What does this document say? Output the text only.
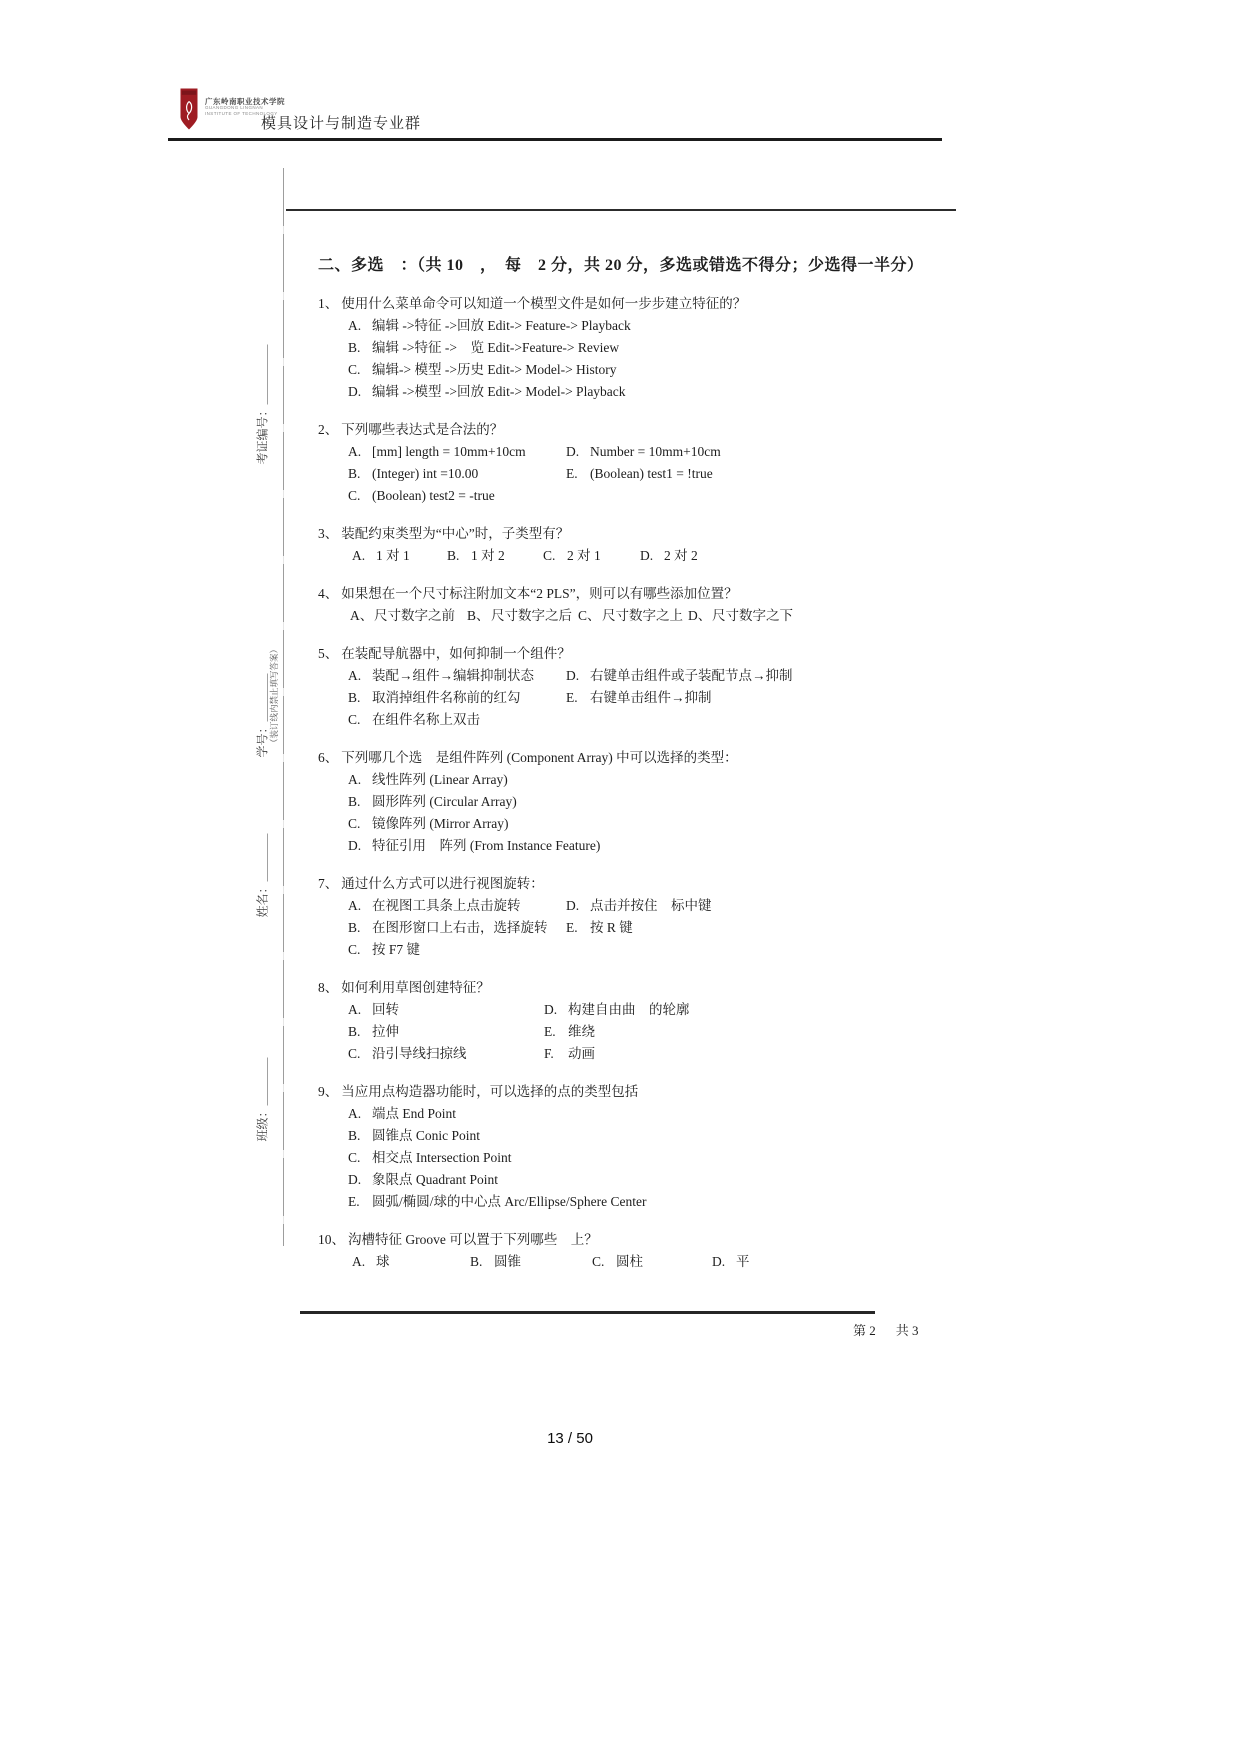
广东岭南职业技术学院
GUANGDONG LINGNAN
INSTITUTE OF TECHNOLOGY
模具设计与制造专业群
考证编号：＿＿＿＿＿
学号：＿＿＿＿ （装订线内禁止填写答案）
姓名：＿＿＿＿
班级：＿＿＿＿
二、多选　：（共 10　，　每　2 分，共 20 分，多选或错选不得分；少选得一半分）
1、 使用什么菜单命令可以知道一个模型文件是如何一步步建立特征的？
A. 编辑 ->特征 ->回放 Edit-> Feature-> Playback
B. 编辑 ->特征 ->　览 Edit->Feature-> Review
C. 编辑-> 模型 ->历史 Edit-> Model-> History
D. 编辑 ->模型 ->回放 Edit-> Model-> Playback
2、 下列哪些表达式是合法的？
A. [mm] length = 10mm+10cm	D. Number = 10mm+10cm
B. (Integer) int =10.00	E. (Boolean) test1 = !true
C. (Boolean) test2 = -true
3、 装配约束类型为“中心”时，子类型有？
A. 1 对 1	B. 1 对 2	C. 2 对 1	D. 2 对 2
4、 如果想在一个尺寸标注附加文本“2 PLS”，则可以有哪些添加位置？
A、尺寸数字之前 B、尺寸数字之后 C、尺寸数字之上 D、尺寸数字之下
5、 在装配导航器中，如何抑制一个组件？
A. 装配→组件→编辑抑制状态 D. 右键单击组件或子装配节点→抑制
B. 取消掉组件名称前的红勾	E. 右键单击组件→抑制
C. 在组件名称上双击
6、 下列哪几个选　是组件阵列 (Component Array) 中可以选择的类型：
A. 线性阵列 (Linear Array)
B. 圆形阵列 (Circular Array)
C. 镜像阵列 (Mirror Array)
D. 特征引用　阵列 (From Instance Feature)
7、 通过什么方式可以进行视图旋转：
A. 在视图工具条上点击旋转	D. 点击并按住　标中键
B. 在图形窗口上右击，选择旋转 E. 按 R 键
C. 按 F7 键
8、 如何利用草图创建特征？
A. 回转	D. 构建自由曲　的轮廓
B. 拉伸	E. 维绕
C. 沿引导线扫掠线	F. 动画
9、 当应用点构造器功能时，可以选择的点的类型包括
A. 端点 End Point
B. 圆锥点 Conic Point
C. 相交点 Intersection Point
D. 象限点 Quadrant Point
E. 圆弧/椭圆/球的中心点 Arc/Ellipse/Sphere Center
10、 沟槽特征 Groove 可以置于下列哪些　上？
A. 球	B. 圆锥	C. 圆柱	D. 平
第 2 共 3
13 / 50
